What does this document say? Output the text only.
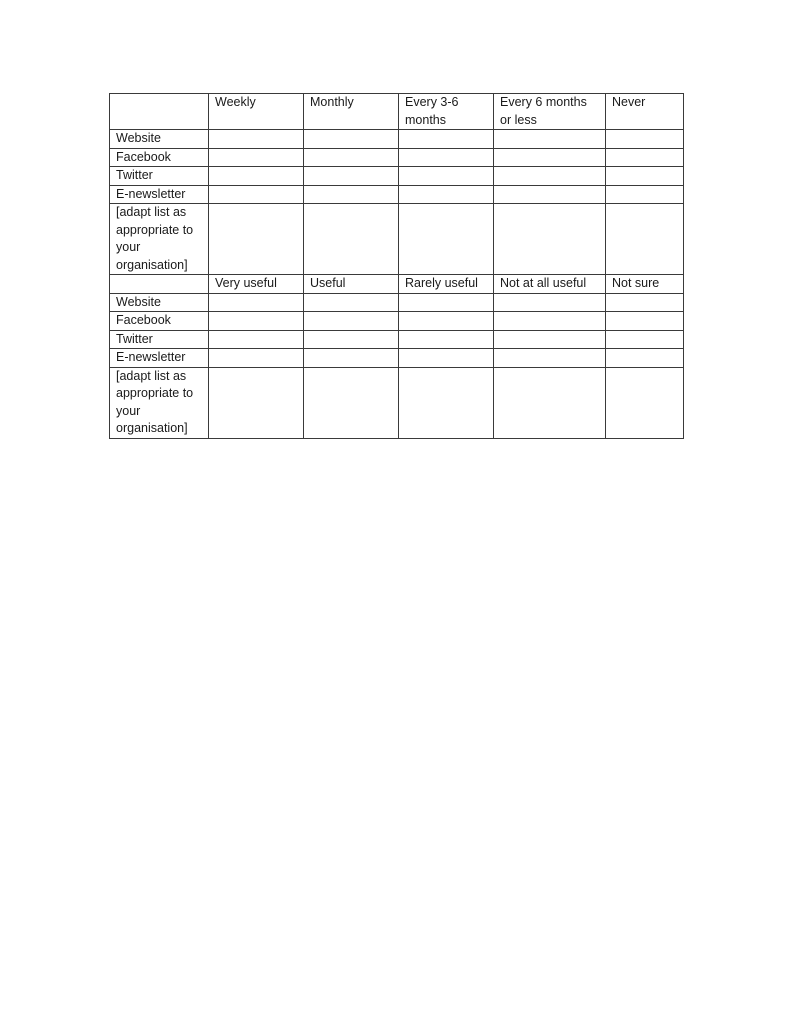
	Weekly	Monthly	Every 3-6 months	Every 6 months or less	Never
Website					
Facebook					
Twitter					
E-newsletter					
[adapt list as appropriate to your organisation]					
	Very useful	Useful	Rarely useful	Not at all useful	Not sure
Website					
Facebook					
Twitter					
E-newsletter					
[adapt list as appropriate to your organisation]					
